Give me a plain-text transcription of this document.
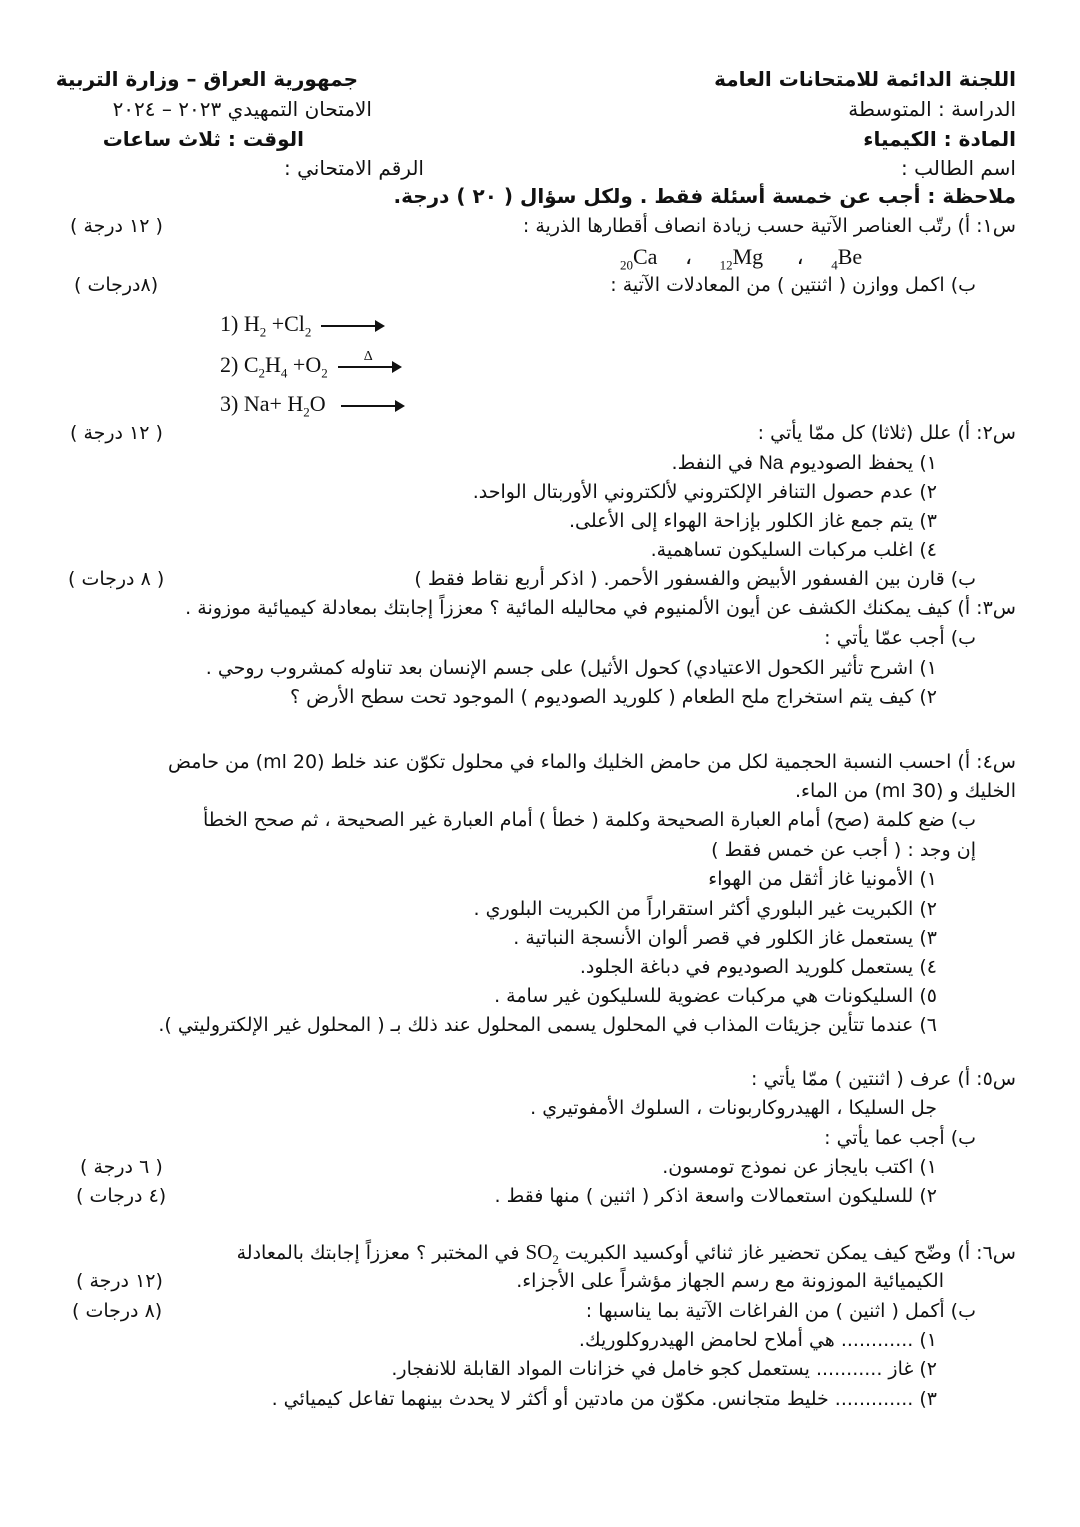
اللجنة الدائمة للامتحانات العامة
جمهورية العراق – وزارة التربية
الدراسة : المتوسطة
الامتحان التمهيدي ٢٠٢٣ – ٢٠٢٤
المادة : الكيمياء
الوقت : ثلاث ساعات
اسم الطالب :
الرقم الامتحاني :
ملاحظة : أجب عن خمسة أسئلة فقط . ولكل سؤال ( ٢٠ ) درجة.
س١: أ) رتّب العناصر الآتية حسب زيادة انصاف أقطارها الذرية :
( ١٢ درجة )
$_{20}$Ca ، $_{12}$Mg ، $_4$Be
ب) اكمل ووازن ( اثنتين ) من المعادلات الآتية :
(٨درجات )
1) $H_2 +Cl_2$ →
2) $C_2H_4 +O_2$
Δ
3) $Na+ H_2O$ →
س٢: أ) علل (ثلاثا) كل ممّا يأتي :
( ١٢ درجة )
١) يحفظ الصوديوم Na في النفط.
٢) عدم حصول التنافر الإلكتروني لألكتروني الأوربتال الواحد.
٣) يتم جمع غاز الكلور بإزاحة الهواء إلى الأعلى.
٤) اغلب مركبات السليكون تساهمية.
ب) قارن بين الفسفور الأبيض والفسفور الأحمر. ( اذكر أربع نقاط فقط )
( ٨ درجات )
س٣: أ) كيف يمكنك الكشف عن أيون الألمنيوم في محاليله المائية ؟ معززاً إجابتك بمعادلة كيميائية موزونة .
ب) أجب عمّا يأتي :
١) اشرح تأثير الكحول الاعتيادي) كحول الأثيل) على جسم الإنسان بعد تناوله كمشروب روحي .
٢) كيف يتم استخراج ملح الطعام ( كلوريد الصوديوم ) الموجود تحت سطح الأرض ؟
س٤: أ) احسب النسبة الحجمية لكل من حامض الخليك والماء في محلول تكوّن عند خلط (20 ml) من حامض
الخليك و (30 ml) من الماء.
ب) ضع كلمة (صح) أمام العبارة الصحيحة وكلمة ( خطأ ) أمام العبارة غير الصحيحة ، ثم صحح الخطأ
إن وجد : ( أجب عن خمس فقط )
١) الأمونيا غاز أثقل من الهواء
٢) الكبريت غير البلوري أكثر استقراراً من الكبريت البلوري .
٣) يستعمل غاز الكلور في قصر ألوان الأنسجة النباتية .
٤) يستعمل كلوريد الصوديوم في دباغة الجلود.
٥) السليكونات هي مركبات عضوية للسليكون غير سامة .
٦) عندما تتأين جزيئات المذاب في المحلول يسمى المحلول عند ذلك بـ ( المحلول غير الإلكتروليتي ).
س٥: أ) عرف ( اثنتين ) ممّا يأتي :
جل السليكا ، الهيدروكاربونات ، السلوك الأمفوتيري .
ب) أجب عما يأتي :
١) اكتب بايجاز عن نموذج تومسون.
( ٦ درجة )
٢) للسليكون استعمالات واسعة اذكر ( اثنين ) منها فقط .
(٤ درجات )
س٦: أ) وضّح كيف يمكن تحضير غاز ثنائي أوكسيد الكبريت $SO_2$ في المختبر ؟ معززاً إجابتك بالمعادلة
الكيميائية الموزونة مع رسم الجهاز مؤشراً على الأجزاء.
(١٢ درجة )
ب) أكمل ( اثنين ) من الفراغات الآتية بما يناسبها :
(٨ درجات )
١) ............ هي أملاح لحامض الهيدروكلوريك.
٢) غاز ........... يستعمل كجو خامل في خزانات المواد القابلة للانفجار.
٣) ............. خليط متجانس. مكوّن من مادتين أو أكثر لا يحدث بينهما تفاعل كيميائي .
